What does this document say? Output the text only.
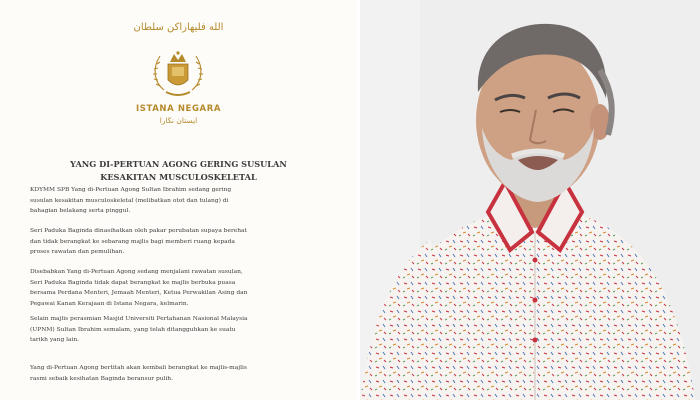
الله فليهاراكن سلطان
ISTANA NEGARA
ايستان نڬارا
YANG DI-PERTUAN AGONG GERING SUSULAN
KESAKITAN MUSCULOSKELETAL
KDYMM SPB Yang di-Pertuan Agong Sultan Ibrahim sedang gering
susulan kesakitan musculoskeletal (melibatkan otot dan tulang) di
bahagian belakang serta pinggul.
Seri Paduka Baginda dinasihatkan oleh pakar perubatan supaya berehat
dan tidak berangkat ke sebarang majlis bagi memberi ruang kepada
proses rawatan dan pemulihan.
Disebabkan Yang di-Pertuan Agong sedang menjalani rawatan susulan,
Seri Paduka Baginda tidak dapat berangkat ke majlis berbuka puasa
bersama Perdana Menteri, Jemaah Menteri, Ketua Perwakilan Asing dan
Pegawai Kanan Kerajaan di Istana Negara, kelmarin.
Selain majlis perasmian Masjid Universiti Pertahanan Nasional Malaysia
(UPNM) Sultan Ibrahim semalam, yang telah ditangguhkan ke suatu
tarikh yang lain.
Yang di-Pertuan Agong bertitah akan kembali berangkat ke majlis-majlis
rasmi sebaik kesihatan Baginda beransur pulih.
